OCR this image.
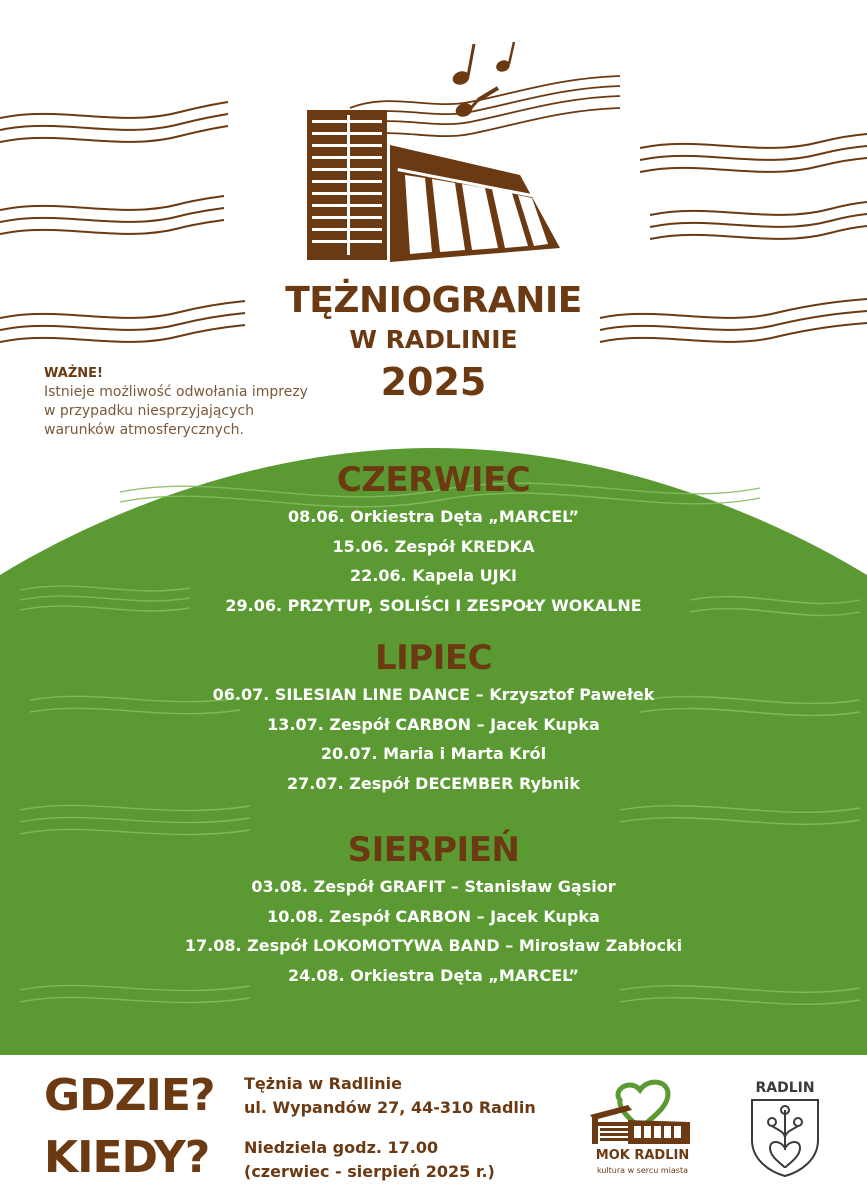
TĘŻNIOGRANIE
W RADLINIE
2025
WAŻNE!
Istnieje możliwość odwołania imprezy
w przypadku niesprzyjających
warunków atmosferycznych.
CZERWIEC
08.06. Orkiestra Dęta „MARCEL”
15.06. Zespół KREDKA
22.06. Kapela UJKI
29.06. PRZYTUP, SOLIŚCI I ZESPOŁY WOKALNE
LIPIEC
06.07. SILESIAN LINE DANCE – Krzysztof Pawełek
13.07. Zespół CARBON – Jacek Kupka
20.07. Maria i Marta Król
27.07. Zespół DECEMBER Rybnik
SIERPIEŃ
03.08. Zespół GRAFIT – Stanisław Gąsior
10.08. Zespół CARBON – Jacek Kupka
17.08. Zespół LOKOMOTYWA BAND – Mirosław Zabłocki
24.08. Orkiestra Dęta „MARCEL”
GDZIE?
KIEDY?
Tężnia w Radlinie
ul. Wypandów 27, 44-310 Radlin
Niedziela godz. 17.00
(czerwiec - sierpień 2025 r.)
MOK RADLIN
kultura w sercu miasta
RADLIN
